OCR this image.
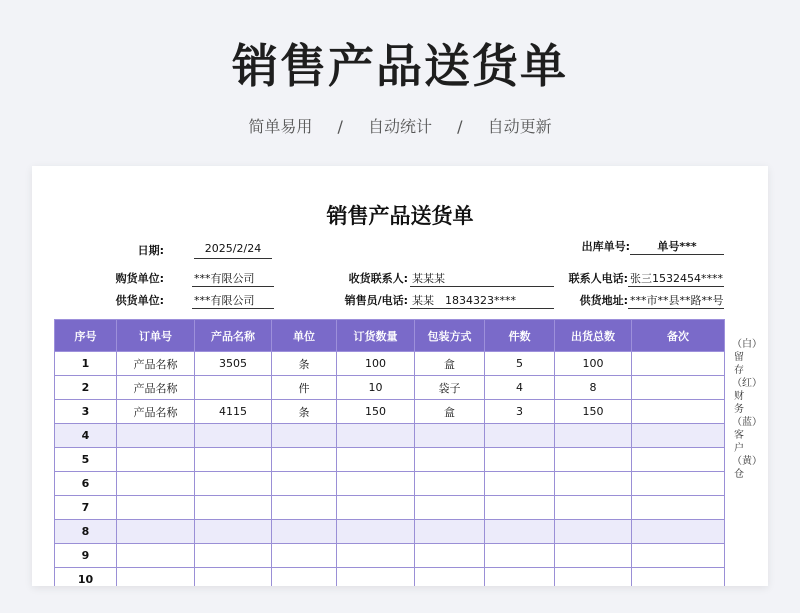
销售产品送货单
简单易用 / 自动统计 / 自动更新
销售产品送货单
日期:	2025/2/24	出库单号:	单号***
购货单位:	***有限公司	收货联系人: 某某某	联系人电话: 张三1532454****
供货单位:	***有限公司	销售员/电话: 某某　1834323****	供货地址: ***市**县**路**号
序号	订单号	产品名称	单位	订货数量	包装方式	件数	出货总数	备次
1	产品名称	3505	条	100	盒	5	100	
2	产品名称		件	10	袋子	4	8	
3	产品名称	4115	条	150	盒	3	150	
4								
5								
6								
7								
8								
9								
10								
（白）留存（红）财务（蓝）客户（黄）仓
